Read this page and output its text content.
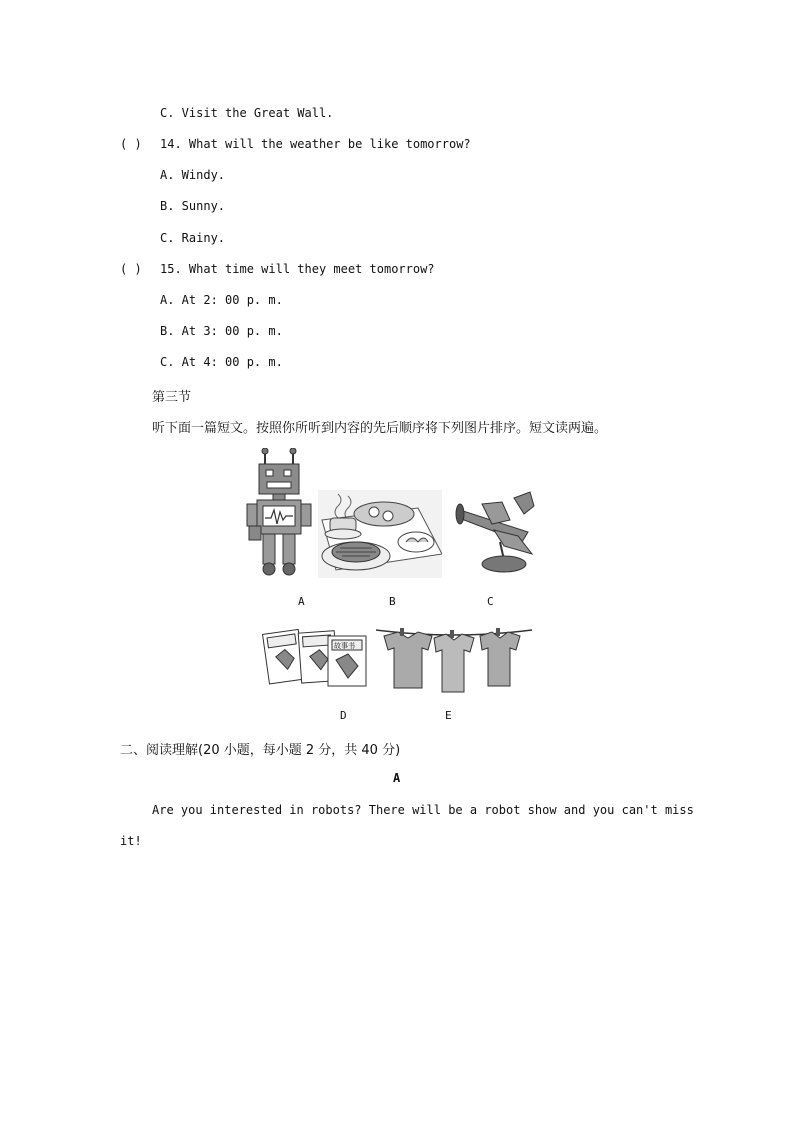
C. Visit the Great Wall.
( ) 14. What will the weather be like tomorrow?
A. Windy.
B. Sunny.
C. Rainy.
( ) 15. What time will they meet tomorrow?
A. At 2: 00 p. m.
B. At 3: 00 p. m.
C. At 4: 00 p. m.
第三节
听下面一篇短文。按照你所听到内容的先后顺序将下列图片排序。短文读两遍。
A	B	C
故事书
D	E
二、阅读理解(20 小题，每小题 2 分，共 40 分)
A
Are you interested in robots? There will be a robot show and you can't miss
it!
